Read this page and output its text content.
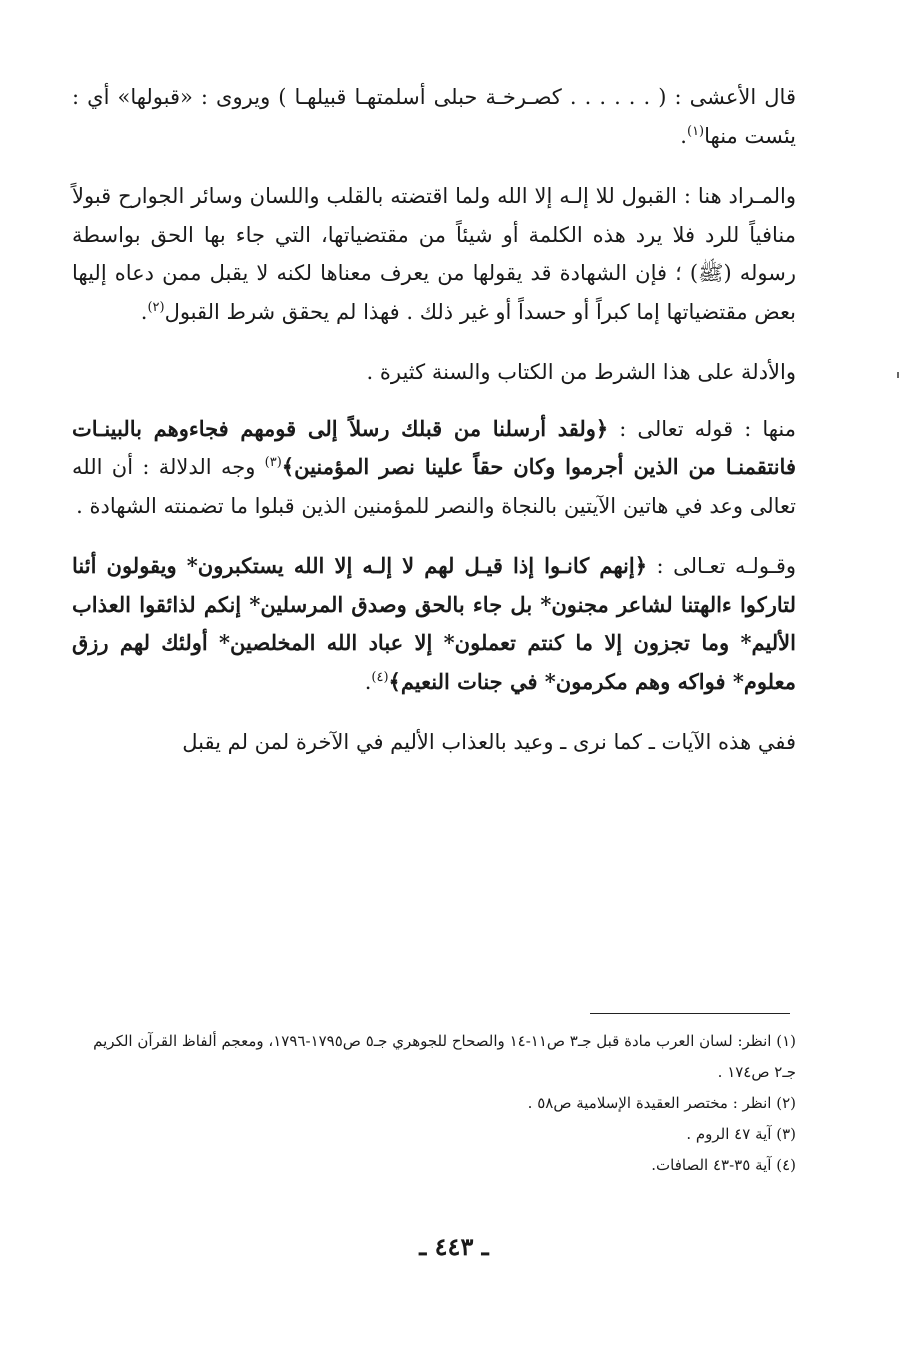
قال الأعشى : ( . . . . . . كصـرخـة حبلى أسلمتهـا قبيلهـا ) ويروى : «قبولها» أي : يئست منها$^{(١)}$.

والمـراد هنا : القبول للا إلـه إلا الله ولما اقتضته بالقلب واللسان وسائر الجوارح قبولاً منافياً للرد فلا يرد هذه الكلمة أو شيئاً من مقتضياتها، التي جاء بها الحق بواسطة رسوله (ﷺ) ؛ فإن الشهادة قد يقولها من يعرف معناها لكنه لا يقبل ممن دعاه إليها بعض مقتضياتها إما كبراً أو حسداً أو غير ذلك . فهذا لم يحقق شرط القبول$^{(٢)}$.

والأدلة على هذا الشرط من الكتاب والسنة كثيرة .

منها : قوله تعالى : ﴿ولقد أرسلنا من قبلك رسلاً إلى قومهم فجاءوهم بالبينـات فانتقمنـا من الذين أجرموا وكان حقاً علينا نصر المؤمنين﴾$^{(٣)}$ وجه الدلالة : أن الله تعالى وعد في هاتين الآيتين بالنجاة والنصر للمؤمنين الذين قبلوا ما تضمنته الشهادة .

وقـولـه تعـالى : ﴿إنهم كانـوا إذا قيـل لهم لا إلـه إلا الله يستكبرون* ويقولون أئنا لتاركوا ءالهتنا لشاعر مجنون* بل جاء بالحق وصدق المرسلين* إنكم لذائقوا العذاب الأليم* وما تجزون إلا ما كنتم تعملون* إلا عباد الله المخلصين* أولئك لهم رزق معلوم* فواكه وهم مكرمون* في جنات النعيم﴾$^{(٤)}$.

ففي هذه الآيات ـ كما نرى ـ وعيد بالعذاب الأليم في الآخرة لمن لم يقبل

(١) انظر: لسان العرب مادة قبل جـ٣ ص١١-١٤ والصحاح للجوهري جـ٥ ص١٧٩٥-١٧٩٦، ومعجم ألفاظ القرآن الكريم جـ٢ ص١٧٤ .

(٢) انظر : مختصر العقيدة الإسلامية ص٥٨ .

(٣) آية ٤٧ الروم .

(٤) آية ٣٥-٤٣ الصافات.

ـ ٤٤٣ ـ
